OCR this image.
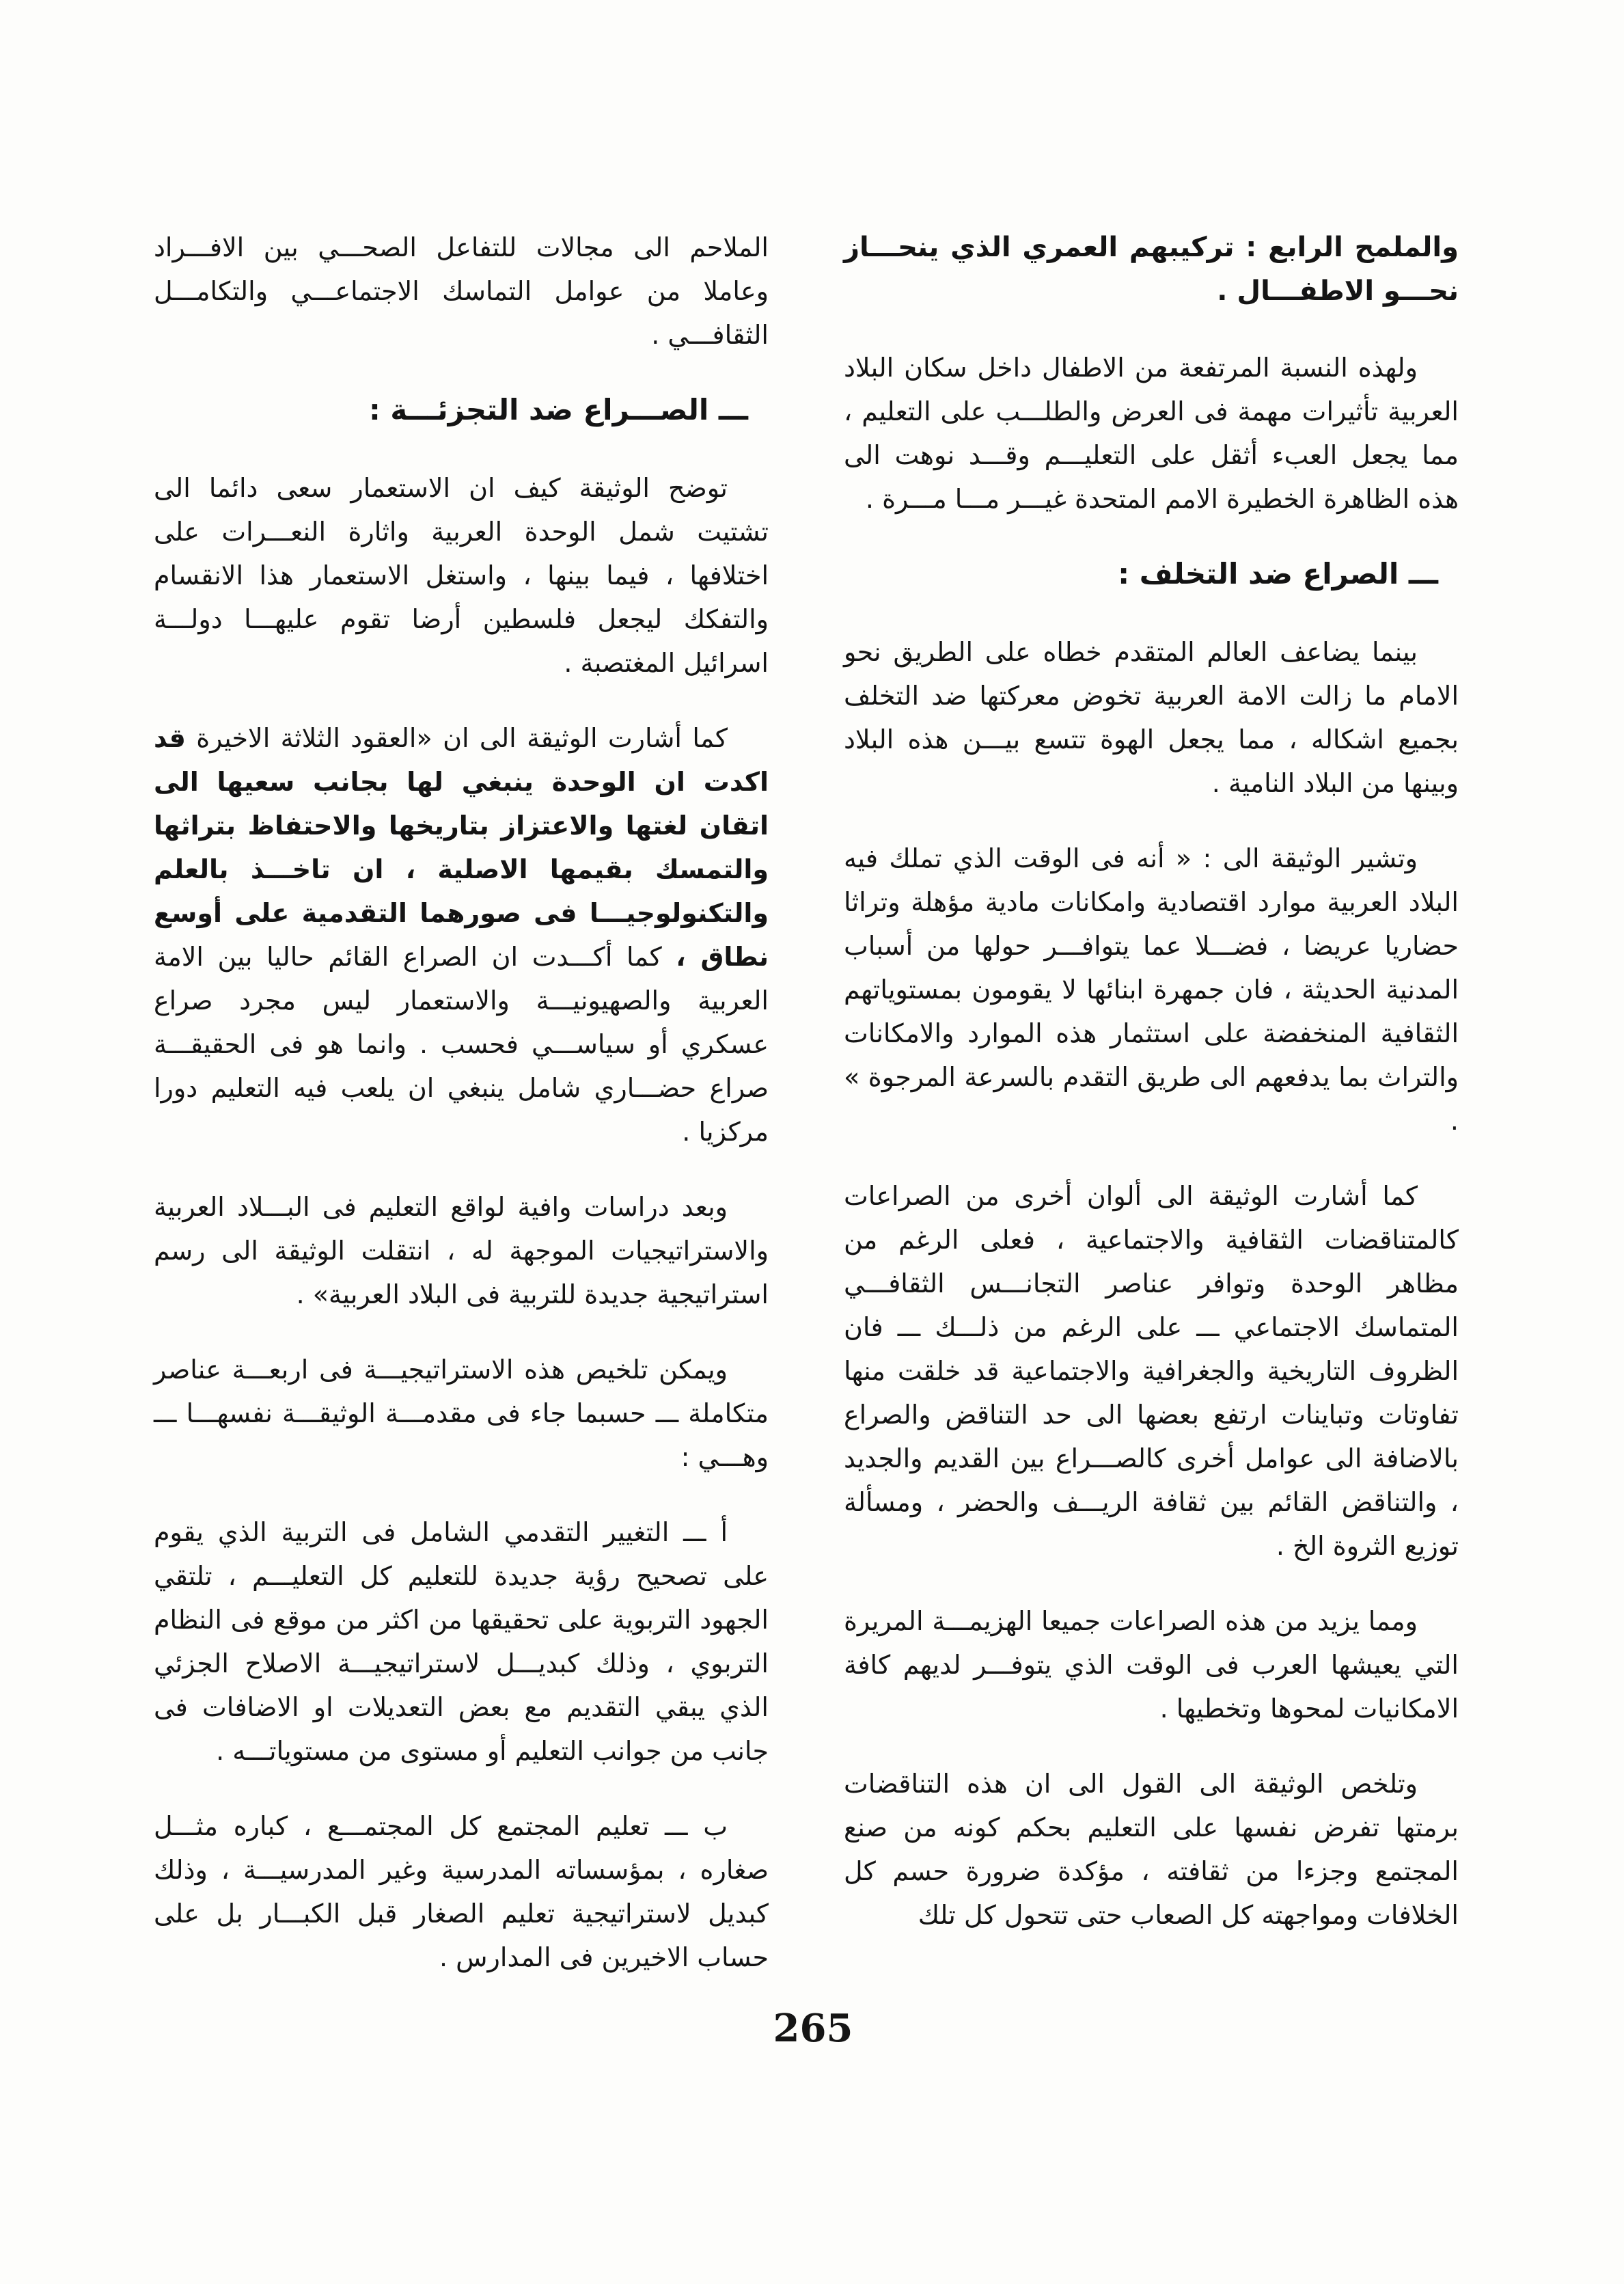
والملمح الرابع : تركيبهم العمري الذي ينحـــاز نحـــو الاطفـــال .

ولهذه النسبة المرتفعة من الاطفال داخل سكان البلاد العربية تأثيرات مهمة فى العرض والطلـــب على التعليم ، مما يجعل العبء أثقل على التعليـــم وقـــد نوهت الى هذه الظاهرة الخطيرة الامم المتحدة غيـــر مـــا مـــرة .

ـــ الصراع ضد التخلف :

بينما يضاعف العالم المتقدم خطاه على الطريق نحو الامام ما زالت الامة العربية تخوض معركتها ضد التخلف بجميع اشكاله ، مما يجعل الهوة تتسع بيـــن هذه البلاد وبينها من البلاد النامية .

وتشير الوثيقة الى : « أنه فى الوقت الذي تملك فيه البلاد العربية موارد اقتصادية وامكانات مادية مؤهلة وتراثا حضاريا عريضا ، فضـــلا عما يتوافـــر حولها من أسباب المدنية الحديثة ، فان جمهرة ابنائها لا يقومون بمستوياتهم الثقافية المنخفضة على استثمار هذه الموارد والامكانات والتراث بما يدفعهم الى طريق التقدم بالسرعة المرجوة » .

كما أشارت الوثيقة الى ألوان أخرى من الصراعات كالمتناقضات الثقافية والاجتماعية ، فعلى الرغم من مظاهر الوحدة وتوافر عناصر التجانـــس الثقافـــي المتماسك الاجتماعي ـــ على الرغم من ذلـــك ـــ فان الظروف التاريخية والجغرافية والاجتماعية قد خلقت منها تفاوتات وتباينات ارتفع بعضها الى حد التناقض والصراع بالاضافة الى عوامل أخرى كالصـــراع بين القديم والجديد ، والتناقض القائم بين ثقافة الريـــف والحضر ، ومسألة توزيع الثروة الخ .

ومما يزيد من هذه الصراعات جميعا الهزيمـــة المريرة التي يعيشها العرب فى الوقت الذي يتوفـــر لديهم كافة الامكانيات لمحوها وتخطيها .

وتلخص الوثيقة الى القول الى ان هذه التناقضات برمتها تفرض نفسها على التعليم بحكم كونه من صنع المجتمع وجزءا من ثقافته ، مؤكدة ضرورة حسم كل الخلافات ومواجهته كل الصعاب حتى تتحول كل تلك

الملاحم الى مجالات للتفاعل الصحـــي بين الافـــراد وعاملا من عوامل التماسك الاجتماعـــي والتكامـــل الثقافـــي .

ـــ الصـــراع ضد التجزئـــة :

توضح الوثيقة كيف ان الاستعمار سعى دائما الى تشتيت شمل الوحدة العربية واثارة النعـــرات على اختلافها ، فيما بينها ، واستغل الاستعمار هذا الانقسام والتفكك ليجعل فلسطين أرضا تقوم عليهـــا دولـــة اسرائيل المغتصبة .

كما أشارت الوثيقة الى ان «العقود الثلاثة الاخيرة قد اكدت ان الوحدة ينبغي لها بجانب سعيها الى اتقان لغتها والاعتزاز بتاريخها والاحتفاظ بتراثها والتمسك بقيمها الاصلية ، ان تاخـــذ بالعلم والتكنولوجيـــا فى صورهما التقدمية على أوسع نطاق ، كما أكـــدت ان الصراع القائم حاليا بين الامة العربية والصهيونيـــة والاستعمار ليس مجرد صراع عسكري أو سياســـي فحسب . وانما هو فى الحقيقـــة صراع حضـــاري شامل ينبغي ان يلعب فيه التعليم دورا مركزيا .

وبعد دراسات وافية لواقع التعليم فى البـــلاد العربية والاستراتيجيات الموجهة له ، انتقلت الوثيقة الى رسم استراتيجية جديدة للتربية فى البلاد العربية» .

ويمكن تلخيص هذه الاستراتيجيـــة فى اربعـــة عناصر متكاملة ـــ حسبما جاء فى مقدمـــة الوثيقـــة نفسهـــا ـــ وهـــي :

أ ـــ التغيير التقدمي الشامل فى التربية الذي يقوم على تصحيح رؤية جديدة للتعليم كل التعليـــم ، تلتقي الجهود التربوية على تحقيقها من اكثر من موقع فى النظام التربوي ، وذلك كبديـــل لاستراتيجيـــة الاصلاح الجزئي الذي يبقي التقديم مع بعض التعديلات او الاضافات فى جانب من جوانب التعليم أو مستوى من مستوياتـــه .

ب ـــ تعليم المجتمع كل المجتمـــع ، كباره مثـــل صغاره ، بمؤسساته المدرسية وغير المدرسيـــة ، وذلك كبديل لاستراتيجية تعليم الصغار قبل الكبـــار بل على حساب الاخيرين فى المدارس .

265
